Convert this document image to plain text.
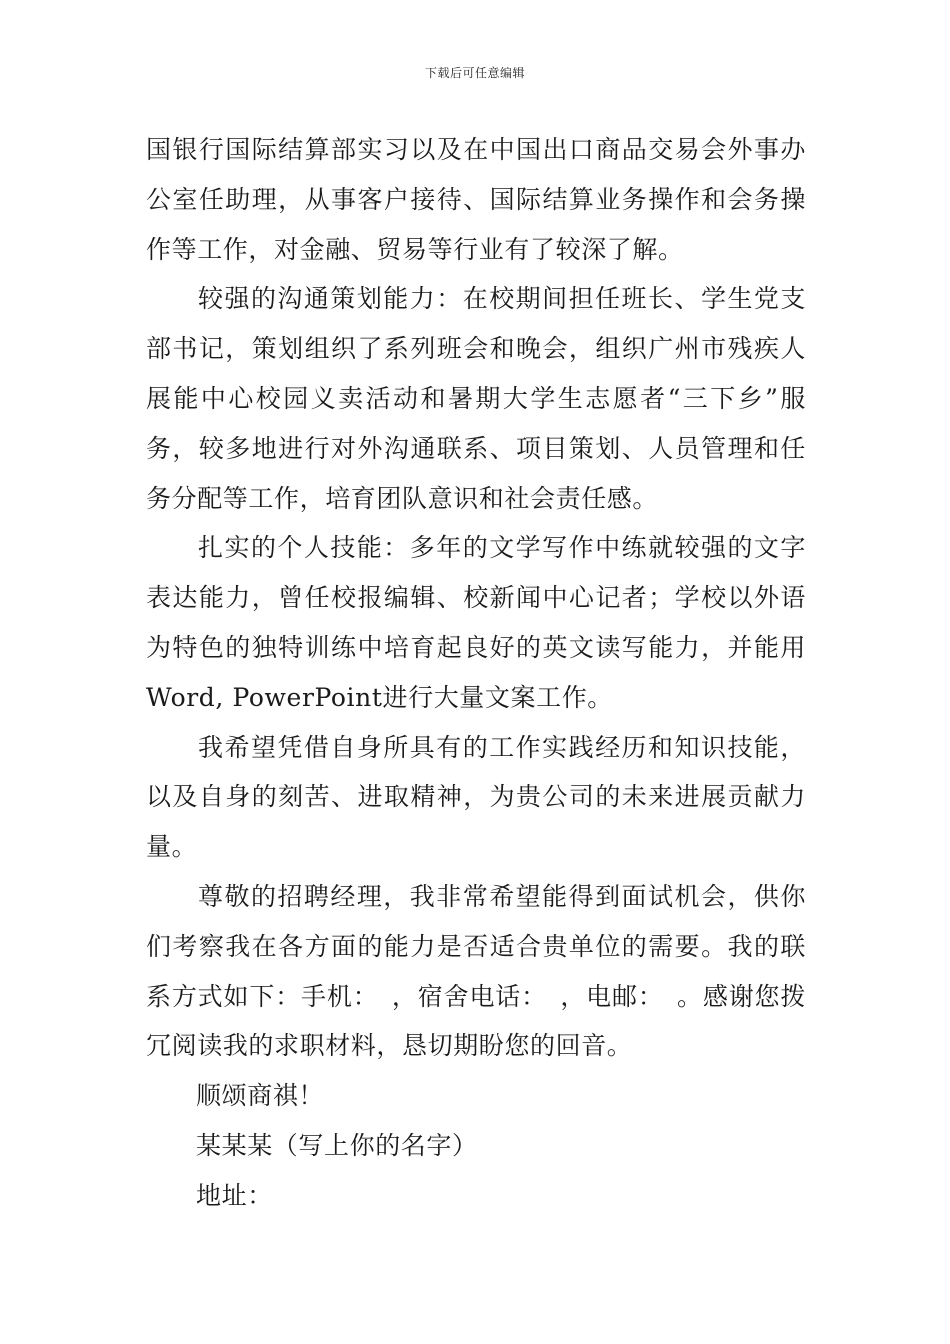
下载后可任意编辑

国银行国际结算部实习以及在中国出口商品交易会外事办公室任助理，从事客户接待、国际结算业务操作和会务操作等工作，对金融、贸易等行业有了较深了解。

较强的沟通策划能力：在校期间担任班长、学生党支部书记，策划组织了系列班会和晚会，组织广州市残疾人展能中心校园义卖活动和暑期大学生志愿者“三下乡”服务，较多地进行对外沟通联系、项目策划、人员管理和任务分配等工作，培育团队意识和社会责任感。

扎实的个人技能：多年的文学写作中练就较强的文字表达能力，曾任校报编辑、校新闻中心记者；学校以外语为特色的独特训练中培育起良好的英文读写能力，并能用Word, PowerPoint进行大量文案工作。

我希望凭借自身所具有的工作实践经历和知识技能，以及自身的刻苦、进取精神，为贵公司的未来进展贡献力量。

尊敬的招聘经理，我非常希望能得到面试机会，供你们考察我在各方面的能力是否适合贵单位的需要。我的联系方式如下：手机：　，宿舍电话：　，电邮：　。感谢您拨冗阅读我的求职材料，恳切期盼您的回音。

顺颂商祺！

某某某（写上你的名字）

地址：
